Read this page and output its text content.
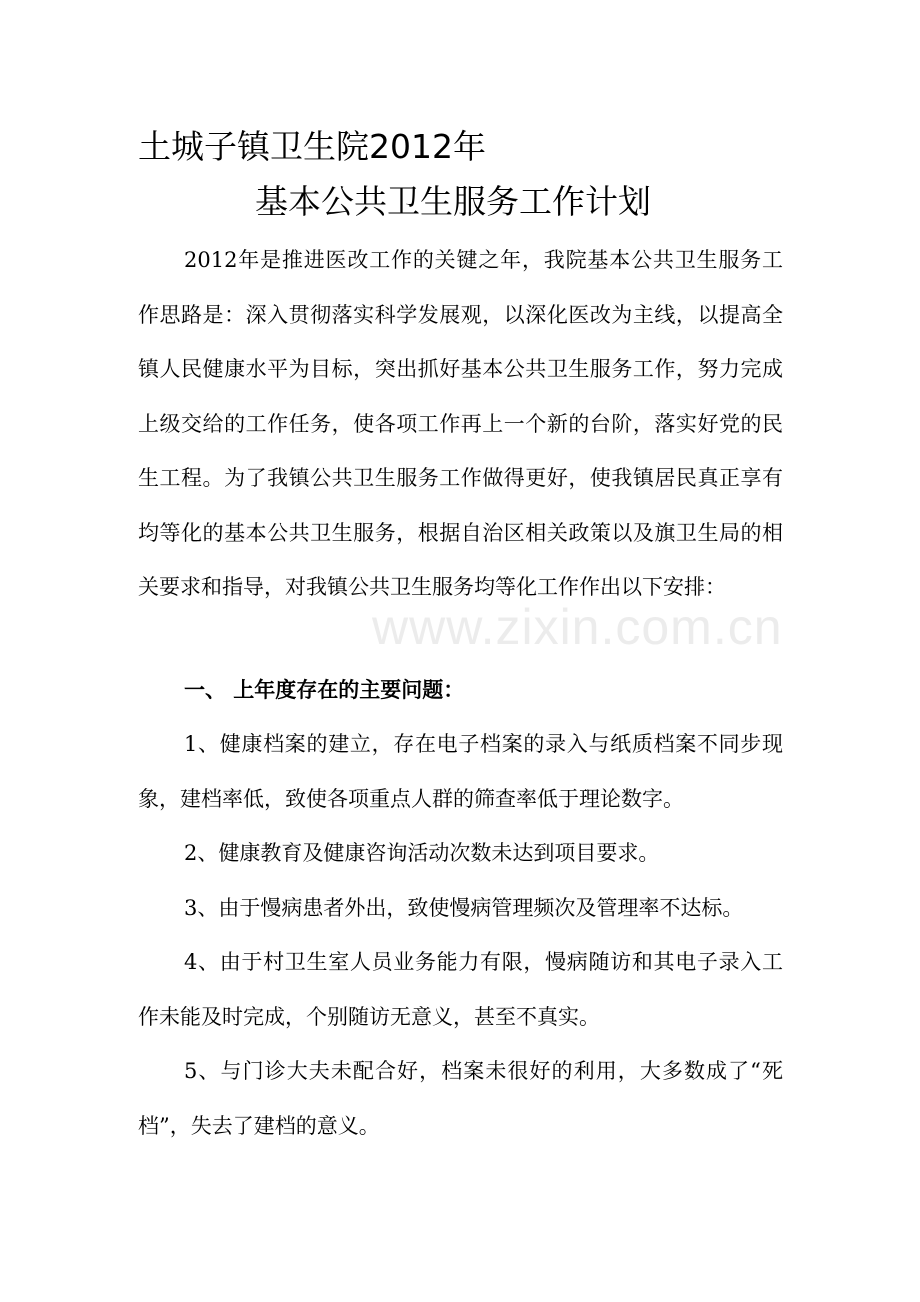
www.zixin.com.cn
土城子镇卫生院2012年
基本公共卫生服务工作计划

2012年是推进医改工作的关键之年，我院基本公共卫生服务工作思路是：深入贯彻落实科学发展观，以深化医改为主线，以提高全镇人民健康水平为目标，突出抓好基本公共卫生服务工作，努力完成上级交给的工作任务，使各项工作再上一个新的台阶，落实好党的民生工程。为了我镇公共卫生服务工作做得更好，使我镇居民真正享有均等化的基本公共卫生服务，根据自治区相关政策以及旗卫生局的相关要求和指导，对我镇公共卫生服务均等化工作作出以下安排：

一、 上年度存在的主要问题：

1、健康档案的建立，存在电子档案的录入与纸质档案不同步现象，建档率低，致使各项重点人群的筛查率低于理论数字。

2、健康教育及健康咨询活动次数未达到项目要求。

3、由于慢病患者外出，致使慢病管理频次及管理率不达标。

4、由于村卫生室人员业务能力有限，慢病随访和其电子录入工作未能及时完成，个别随访无意义，甚至不真实。

5、与门诊大夫未配合好，档案未很好的利用，大多数成了“死档”，失去了建档的意义。
